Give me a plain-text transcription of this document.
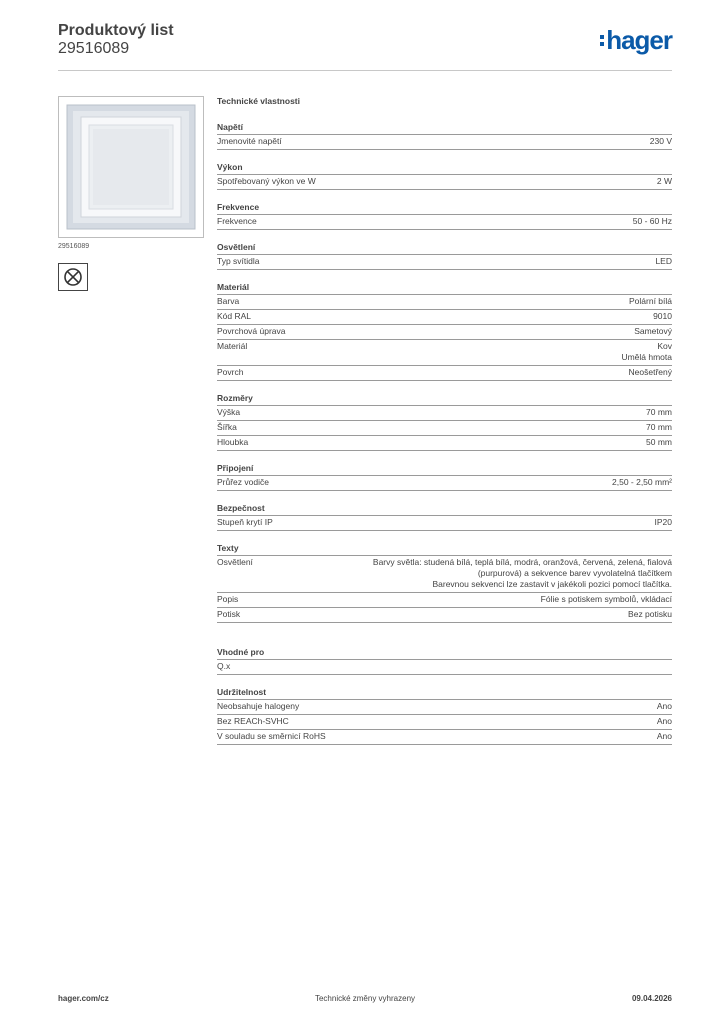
Produktový list
29516089	hager
29516089
Technické vlastnosti
Napětí
Jmenovité napětí	230 V
Výkon
Spotřebovaný výkon ve W	2 W
Frekvence
Frekvence	50 - 60 Hz
Osvětlení
Typ svítidla	LED
Materiál
Barva	Polární bílá
Kód RAL	9010
Povrchová úprava	Sametový
Materiál	Kov
Umělá hmota
Povrch	Neošetřený
Rozměry
Výška	70 mm
Šířka	70 mm
Hloubka	50 mm
Připojení
Průřez vodiče	2,50 - 2,50 mm²
Bezpečnost
Stupeň krytí IP	IP20
Texty
Osvětlení	Barvy světla: studená bílá, teplá bílá, modrá, oranžová, červená, zelená, fialová
(purpurová) a sekvence barev vyvolatelná tlačítkem
Barevnou sekvenci lze zastavit v jakékoli pozici pomocí tlačítka.
Popis	Fólie s potiskem symbolů, vkládací
Potisk	Bez potisku
Vhodné pro
Q.x
Udržitelnost
Neobsahuje halogeny	Ano
Bez REACh-SVHC	Ano
V souladu se směrnicí RoHS	Ano
hager.com/cz	Technické změny vyhrazeny	09.04.2026
